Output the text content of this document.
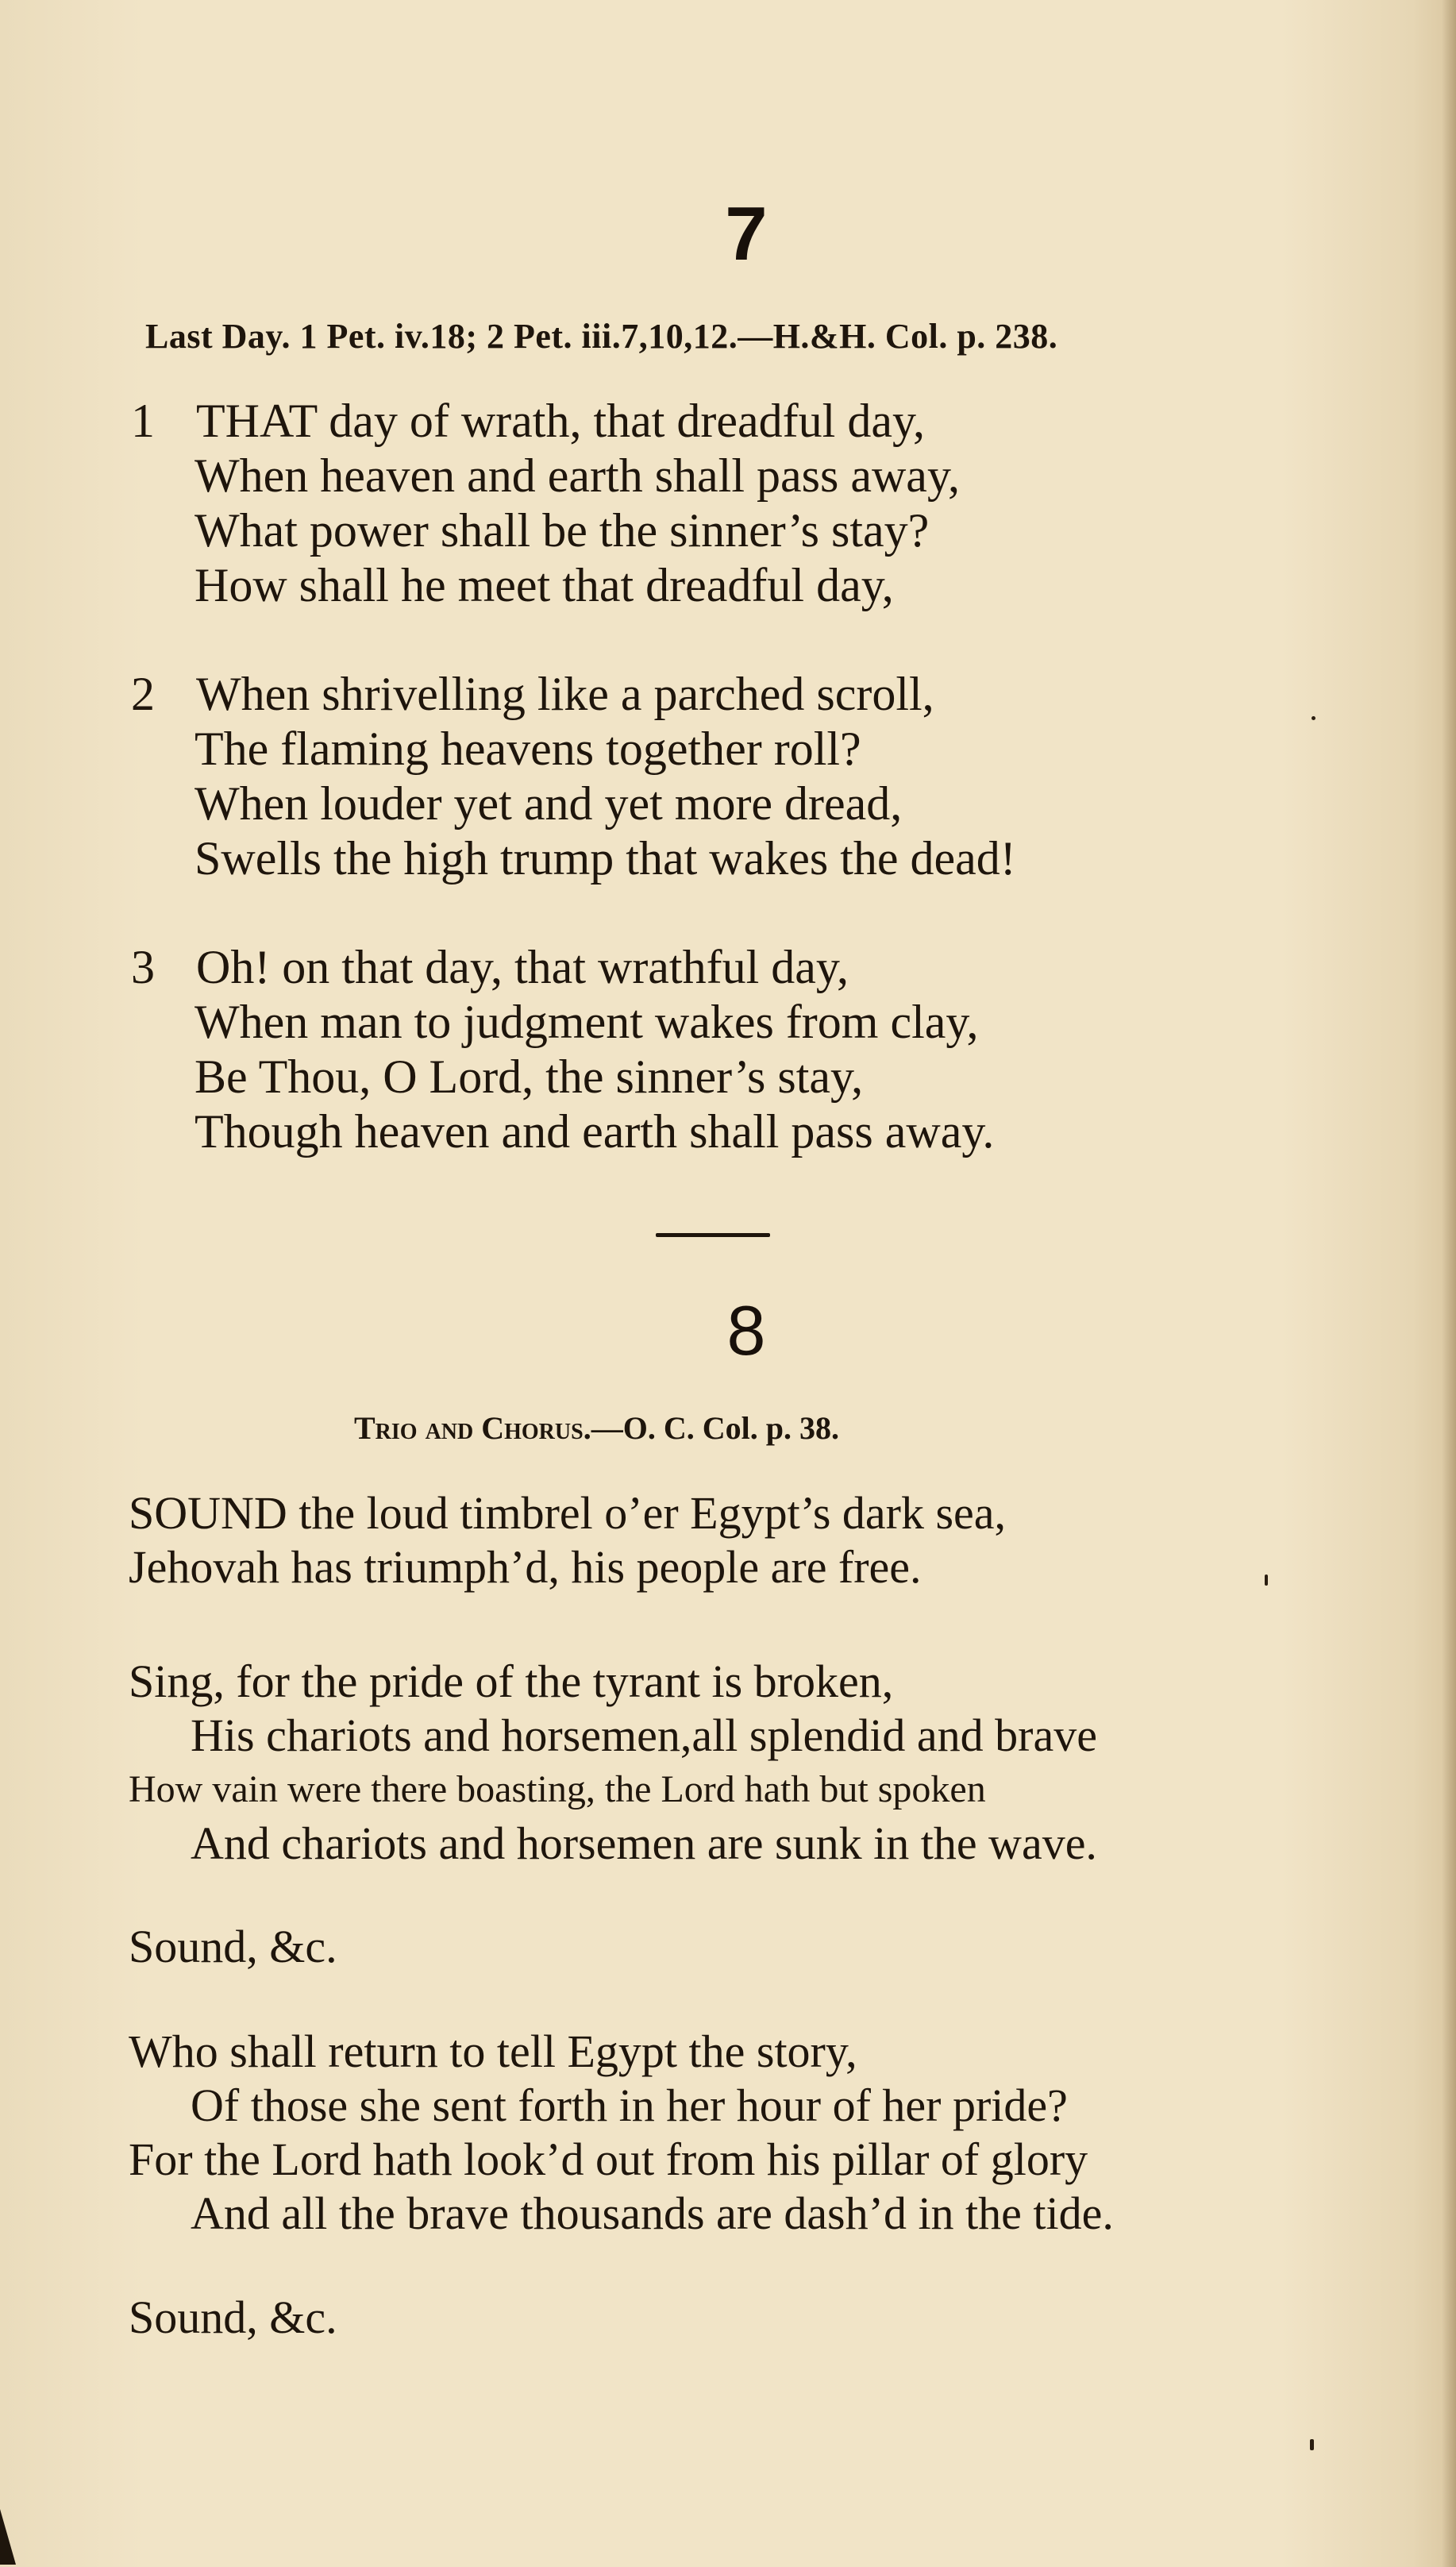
7
Last Day. 1 Pet. iv.18; 2 Pet. iii.7,10,12.—H.&H. Col. p. 238.
1 THAT day of wrath, that dreadful day,
When heaven and earth shall pass away,
What power shall be the sinner’s stay?
How shall he meet that dreadful day,
2 When shrivelling like a parched scroll,
The flaming heavens together roll?
When louder yet and yet more dread,
Swells the high trump that wakes the dead!
3 Oh! on that day, that wrathful day,
When man to judgment wakes from clay,
Be Thou, O Lord, the sinner’s stay,
Though heaven and earth shall pass away.
8
Trio and Chorus.—O. C. Col. p. 38.
SOUND the loud timbrel o’er Egypt’s dark sea,
Jehovah has triumph’d, his people are free.
Sing, for the pride of the tyrant is broken,
His chariots and horsemen,all splendid and brave
How vain were there boasting, the Lord hath but spoken
And chariots and horsemen are sunk in the wave.
Sound, &c.
Who shall return to tell Egypt the story,
Of those she sent forth in her hour of her pride?
For the Lord hath look’d out from his pillar of glory
And all the brave thousands are dash’d in the tide.
Sound, &c.
